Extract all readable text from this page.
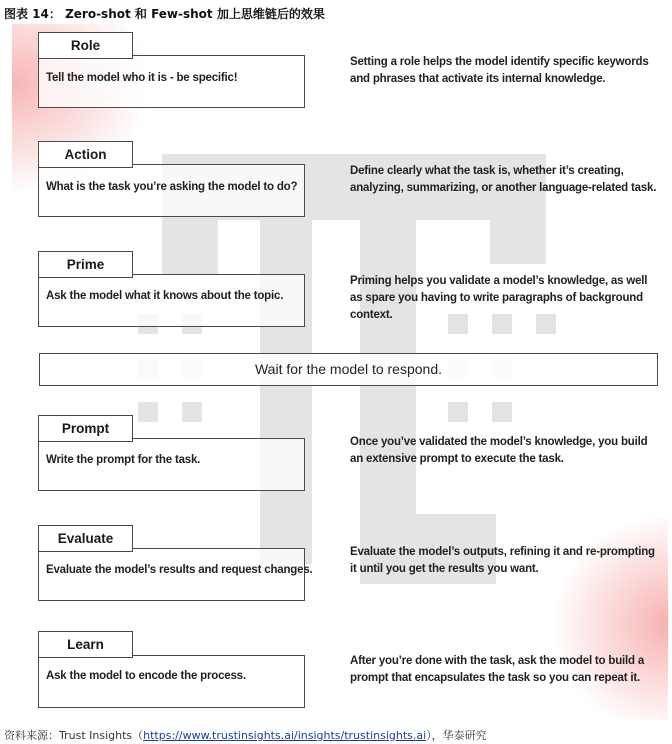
图表 14： Zero-shot 和 Few-shot 加上思维链后的效果
Role
Tell the model who it is - be specific!
Setting a role helps the model identify specific keywords and phrases that activate its internal knowledge.
Action
What is the task you’re asking the model to do?
Define clearly what the task is, whether it’s creating, analyzing, summarizing, or another language-related task.
Prime
Ask the model what it knows about the topic.
Priming helps you validate a model’s knowledge, as well as spare you having to write paragraphs of background context.
Wait for the model to respond.
Prompt
Write the prompt for the task.
Once you’ve validated the model’s knowledge, you build an extensive prompt to execute the task.
Evaluate
Evaluate the model’s results and request changes.
Evaluate the model’s outputs, refining it and re-prompting it until you get the results you want.
Learn
Ask the model to encode the process.
After you’re done with the task, ask the model to build a prompt that encapsulates the task so you can repeat it.
资料来源：Trust Insights（https://www.trustinsights.ai/insights/trustinsights.ai），华泰研究
